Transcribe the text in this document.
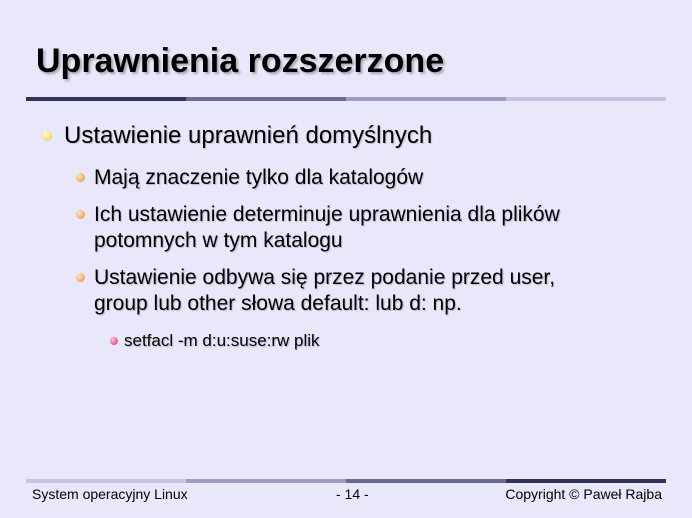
Uprawnienia rozszerzone
Ustawienie uprawnień domyślnych
Mają znaczenie tylko dla katalogów
Ich ustawienie determinuje uprawnienia dla plików
potomnych w tym katalogu
Ustawienie odbywa się przez podanie przed user,
group lub other słowa default: lub d: np.
setfacl -m d:u:suse:rw plik
System operacyjny Linux	- 14 -	Copyright © Paweł Rajba
